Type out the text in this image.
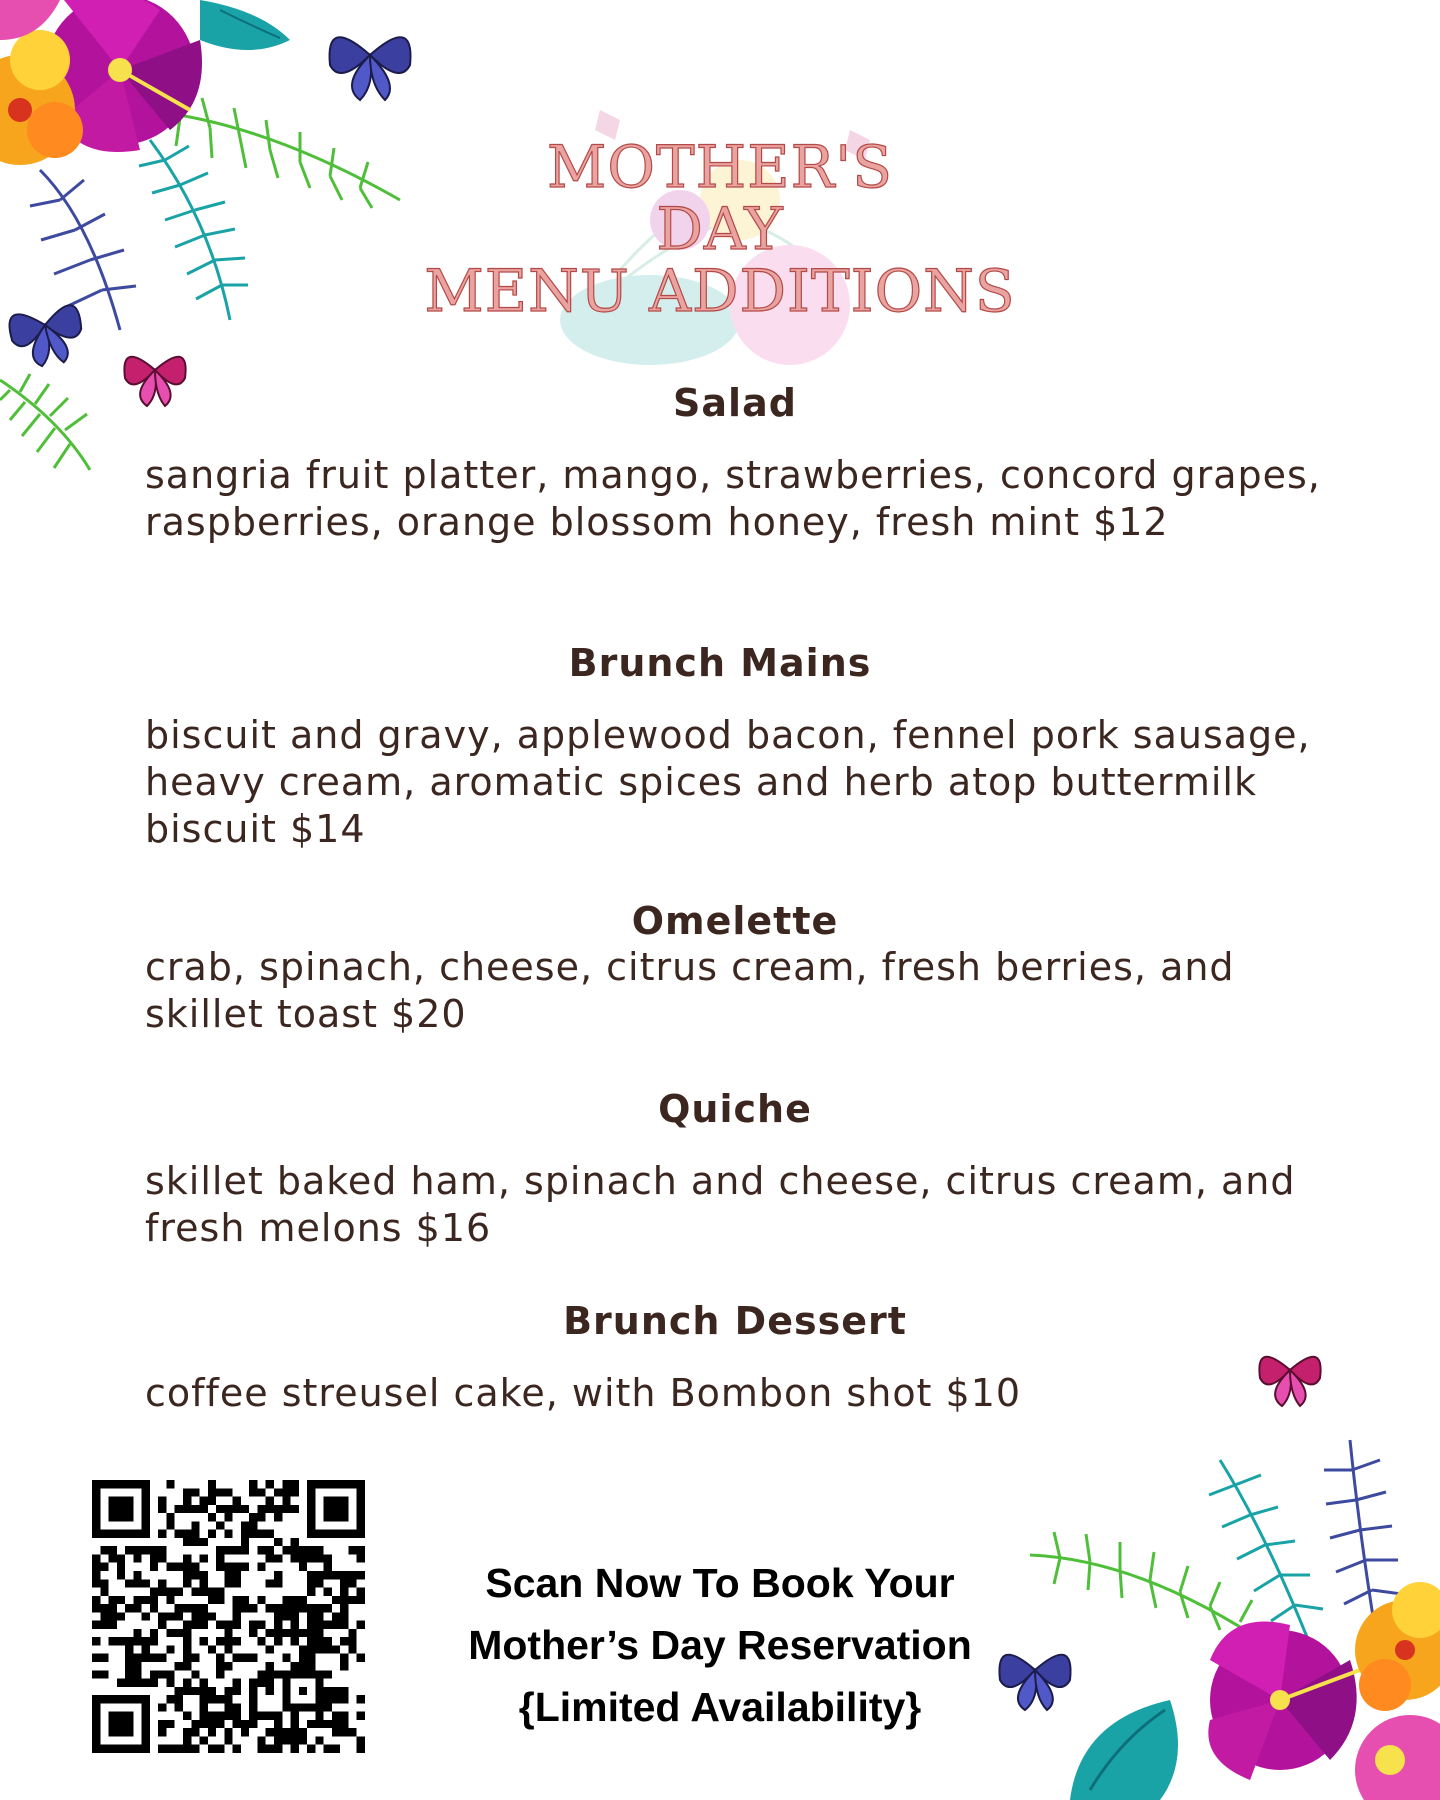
MOTHER'S
DAY
MENU ADDITIONS
Salad

sangria fruit platter, mango, strawberries, concord grapes, raspberries, orange blossom honey, fresh mint $12

Brunch Mains

biscuit and gravy, applewood bacon, fennel pork sausage, heavy cream, aromatic spices and herb atop buttermilk biscuit $14

Omelette

crab, spinach, cheese, citrus cream, fresh berries, and skillet toast $20

Quiche

skillet baked ham, spinach and cheese, citrus cream, and fresh melons $16

Brunch Dessert

coffee streusel cake, with Bombon shot $10

Scan Now To Book Your
Mother’s Day Reservation
{Limited Availability}
